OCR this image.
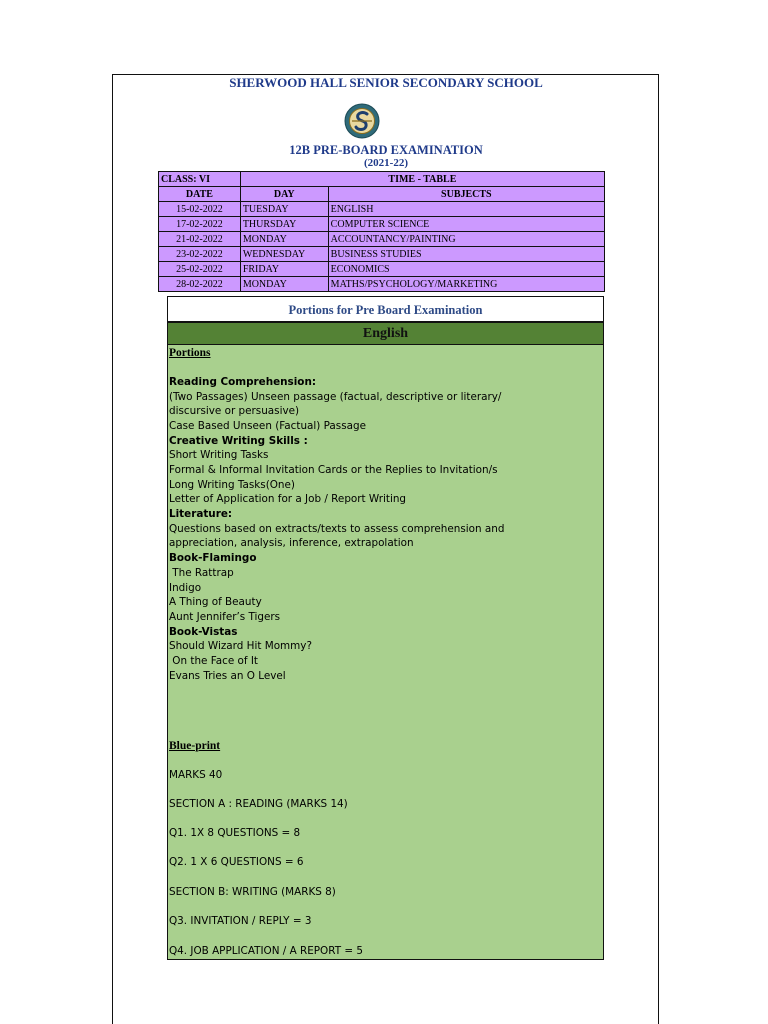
SHERWOOD HALL SENIOR SECONDARY SCHOOL
12B PRE-BOARD EXAMINATION
(2021-22)
CLASS: VI	TIME - TABLE	
DATE	DAY	SUBJECTS
15-02-2022	TUESDAY	ENGLISH
17-02-2022	THURSDAY	COMPUTER SCIENCE
21-02-2022	MONDAY	ACCOUNTANCY/PAINTING
23-02-2022	WEDNESDAY	BUSINESS STUDIES
25-02-2022	FRIDAY	ECONOMICS
28-02-2022	MONDAY	MATHS/PSYCHOLOGY/MARKETING
Portions for Pre Board Examination
English
Portions
Reading Comprehension:
(Two Passages) Unseen passage (factual, descriptive or literary/
discursive or persuasive)
Case Based Unseen (Factual) Passage
Creative Writing Skills :
Short Writing Tasks
Formal & Informal Invitation Cards or the Replies to Invitation/s
Long Writing Tasks(One)
Letter of Application for a Job / Report Writing
Literature:
Questions based on extracts/texts to assess comprehension and
appreciation, analysis, inference, extrapolation
Book-Flamingo
The Rattrap
Indigo
A Thing of Beauty
Aunt Jennifer’s Tigers
Book-Vistas
Should Wizard Hit Mommy?
On the Face of It
Evans Tries an O Level
Blue-print
MARKS 40
SECTION A : READING (MARKS 14)
Q1. 1X 8 QUESTIONS = 8
Q2. 1 X 6 QUESTIONS = 6
SECTION B: WRITING (MARKS 8)
Q3. INVITATION / REPLY = 3
Q4. JOB APPLICATION / A REPORT = 5
